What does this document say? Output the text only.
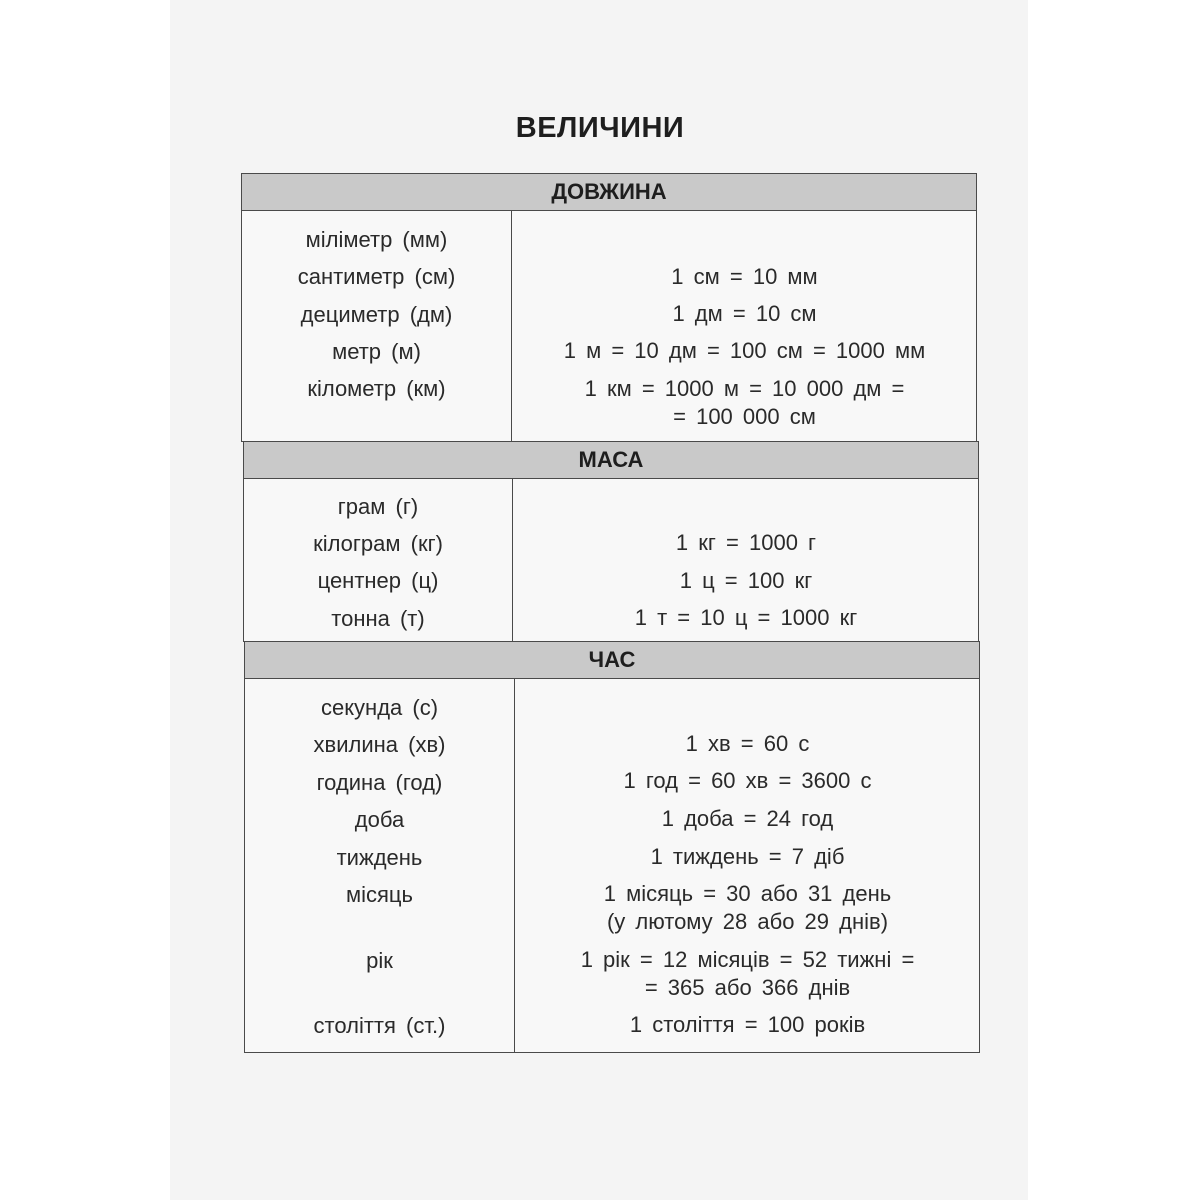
ВЕЛИЧИНИ
ДОВЖИНА
міліметр (мм)
сантиметр (см)	1 см = 10 мм
дециметр (дм)	1 дм = 10 см
метр (м)	1 м = 10 дм = 100 см = 1000 мм
кілометр (км)	1 км = 1000 м = 10 000 дм =
= 100 000 см
МАСА
грам (г)
кілограм (кг)	1 кг = 1000 г
центнер (ц)	1 ц = 100 кг
тонна (т)	1 т = 10 ц = 1000 кг
ЧАС
секунда (с)
хвилина (хв)	1 хв = 60 с
година (год)	1 год = 60 хв = 3600 с
доба	1 доба = 24 год
тиждень	1 тиждень = 7 діб
місяць	1 місяць = 30 або 31 день
(у лютому 28 або 29 днів)
рік	1 рік = 12 місяців = 52 тижні =
= 365 або 366 днів
століття (ст.)	1 століття = 100 років
